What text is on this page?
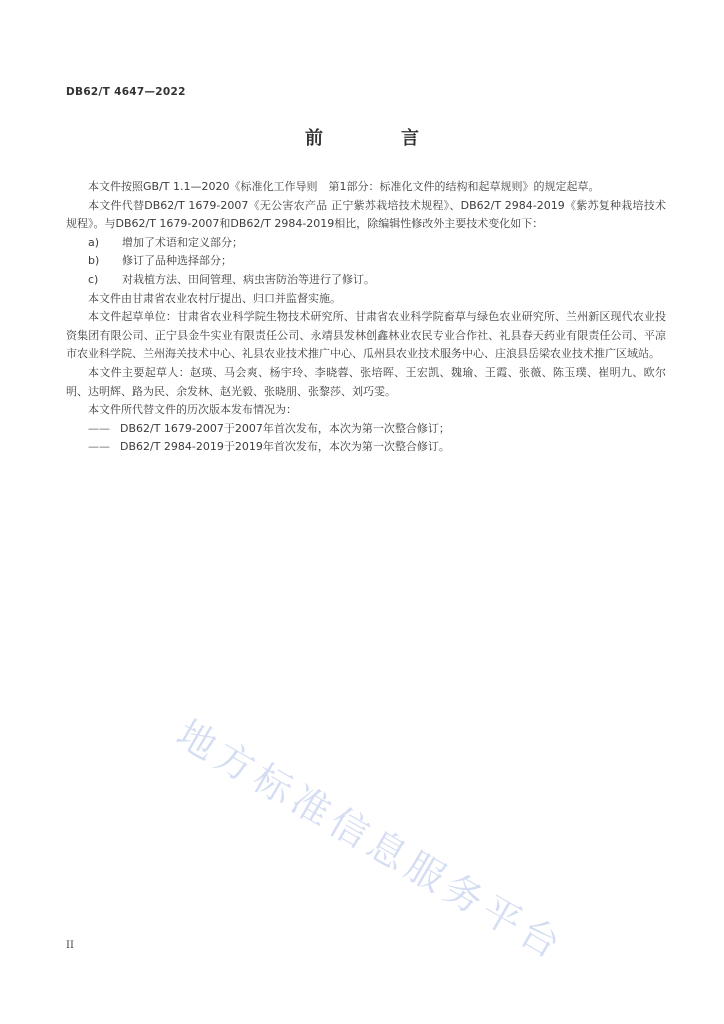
DB62/T 4647—2022
前　言

本文件按照GB/T 1.1—2020《标准化工作导则　第1部分：标准化文件的结构和起草规则》的规定起草。

本文件代替DB62/T 1679-2007《无公害农产品 正宁紫苏栽培技术规程》、DB62/T 2984-2019《紫苏复种栽培技术规程》。与DB62/T 1679-2007和DB62/T 2984-2019相比，除编辑性修改外主要技术变化如下：

a)	增加了术语和定义部分；
b)	修订了品种选择部分；
c)	对栽植方法、田间管理、病虫害防治等进行了修订。

本文件由甘肃省农业农村厅提出、归口并监督实施。

本文件起草单位：甘肃省农业科学院生物技术研究所、甘肃省农业科学院畜草与绿色农业研究所、兰州新区现代农业投资集团有限公司、正宁县金牛实业有限责任公司、永靖县发林创鑫林业农民专业合作社、礼县春天药业有限责任公司、平凉市农业科学院、兰州海关技术中心、礼县农业技术推广中心、瓜州县农业技术服务中心、庄浪县岳梁农业技术推广区域站。

本文件主要起草人：赵瑛、马会爽、杨宇玲、李晓蓉、张培晖、王宏凯、魏瑜、王霞、张薇、陈玉璞、崔明九、欧尔明、达明辉、路为民、余发林、赵光毅、张晓朋、张黎莎、刘巧雯。

本文件所代替文件的历次版本发布情况为：

—— DB62/T 1679-2007于2007年首次发布，本次为第一次整合修订；
—— DB62/T 2984-2019于2019年首次发布，本次为第一次整合修订。
地方标准信息服务平台
II
